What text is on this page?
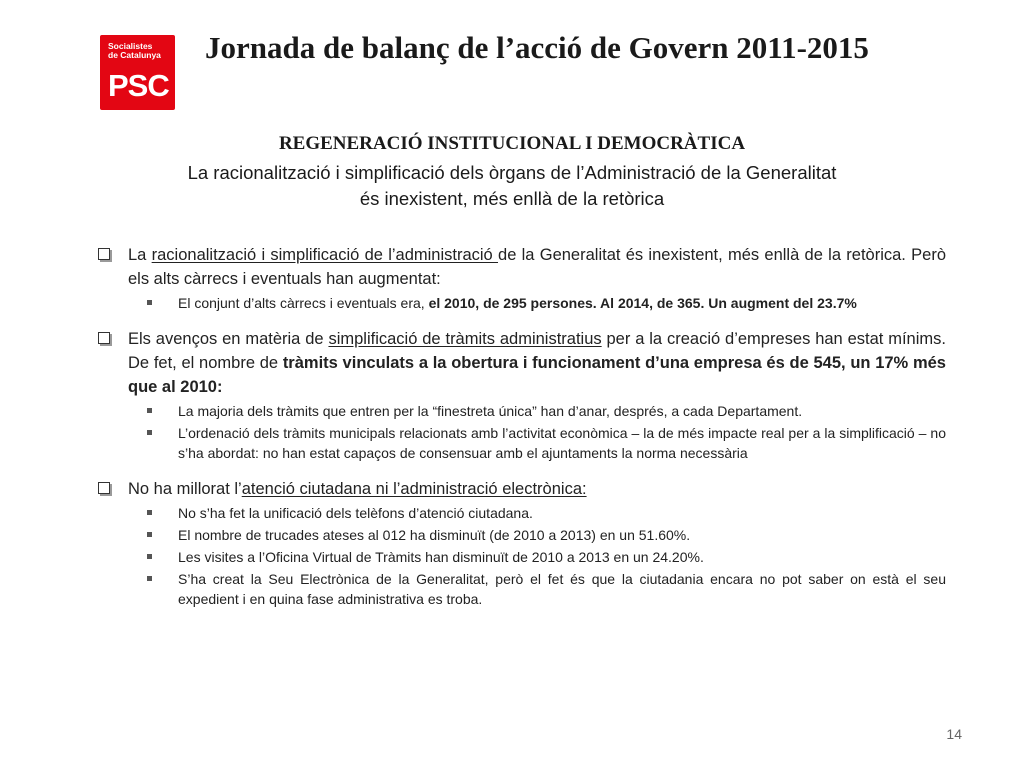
Socialistes
de Catalunya
PSC
Jornada de balanç de l’acció de Govern 2011-2015
REGENERACIÓ INSTITUCIONAL I DEMOCRÀTICA
La racionalització i simplificació dels òrgans de l’Administració de la Generalitat
és inexistent, més enllà de la retòrica
La racionalització i simplificació de l’administració de la Generalitat és inexistent, més enllà de la retòrica. Però els alts càrrecs i eventuals han augmentat:
El conjunt d’alts càrrecs i eventuals era, el 2010, de 295 persones. Al 2014, de 365. Un augment del 23.7%
Els avenços en matèria de simplificació de tràmits administratius per a la creació d’empreses han estat mínims. De fet, el nombre de tràmits vinculats a la obertura i funcionament d’una empresa és de 545, un 17% més que al 2010:
La majoria dels tràmits que entren per la “finestreta única” han d’anar, després, a cada Departament.
L’ordenació dels tràmits municipals relacionats amb l’activitat econòmica – la de més impacte real per a la simplificació – no s’ha abordat: no han estat capaços de consensuar amb el ajuntaments la norma necessària
No ha millorat l’atenció ciutadana ni l’administració electrònica:
No s’ha fet la unificació dels telèfons d’atenció ciutadana.
El nombre de trucades ateses al 012 ha disminuït (de 2010 a 2013) en un 51.60%.
Les visites a l’Oficina Virtual de Tràmits han disminuït de 2010 a 2013 en un 24.20%.
S’ha creat la Seu Electrònica de la Generalitat, però el fet és que la ciutadania encara no pot saber on està el seu expedient i en quina fase administrativa es troba.
14
